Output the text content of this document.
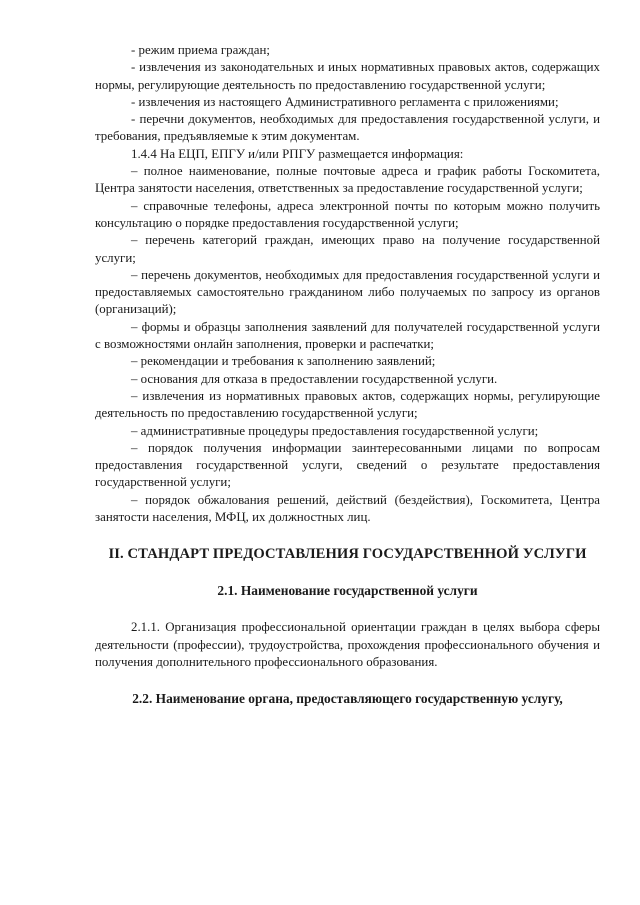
- режим приема граждан;
- извлечения из законодательных и иных нормативных правовых актов, содержащих нормы, регулирующие деятельность по предоставлению государственной услуги;
- извлечения из настоящего Административного регламента с приложениями;
- перечни документов, необходимых для предоставления государственной услуги, и требования, предъявляемые к этим документам.
1.4.4 На ЕЦП, ЕПГУ и/или РПГУ размещается информация:
– полное наименование, полные почтовые адреса и график работы Госкомитета, Центра занятости населения, ответственных за предоставление государственной услуги;
– справочные телефоны, адреса электронной почты по которым можно получить консультацию о порядке предоставления государственной услуги;
– перечень категорий граждан, имеющих право на получение государственной услуги;
– перечень документов, необходимых для предоставления государственной услуги и предоставляемых самостоятельно гражданином либо получаемых по запросу из органов (организаций);
– формы и образцы заполнения заявлений для получателей государственной услуги с возможностями онлайн заполнения, проверки и распечатки;
– рекомендации и требования к заполнению заявлений;
– основания для отказа в предоставлении государственной услуги.
– извлечения из нормативных правовых актов, содержащих нормы, регулирующие деятельность по предоставлению государственной услуги;
– административные процедуры предоставления государственной услуги;
– порядок получения информации заинтересованными лицами по вопросам предоставления государственной услуги, сведений о результате предоставления государственной услуги;
– порядок обжалования решений, действий (бездействия), Госкомитета, Центра занятости населения, МФЦ, их должностных лиц.
II. СТАНДАРТ ПРЕДОСТАВЛЕНИЯ ГОСУДАРСТВЕННОЙ УСЛУГИ
2.1. Наименование государственной услуги
2.1.1. Организация профессиональной ориентации граждан в целях выбора сферы деятельности (профессии), трудоустройства, прохождения профессионального обучения и получения дополнительного профессионального образования.
2.2. Наименование органа, предоставляющего государственную услугу,
